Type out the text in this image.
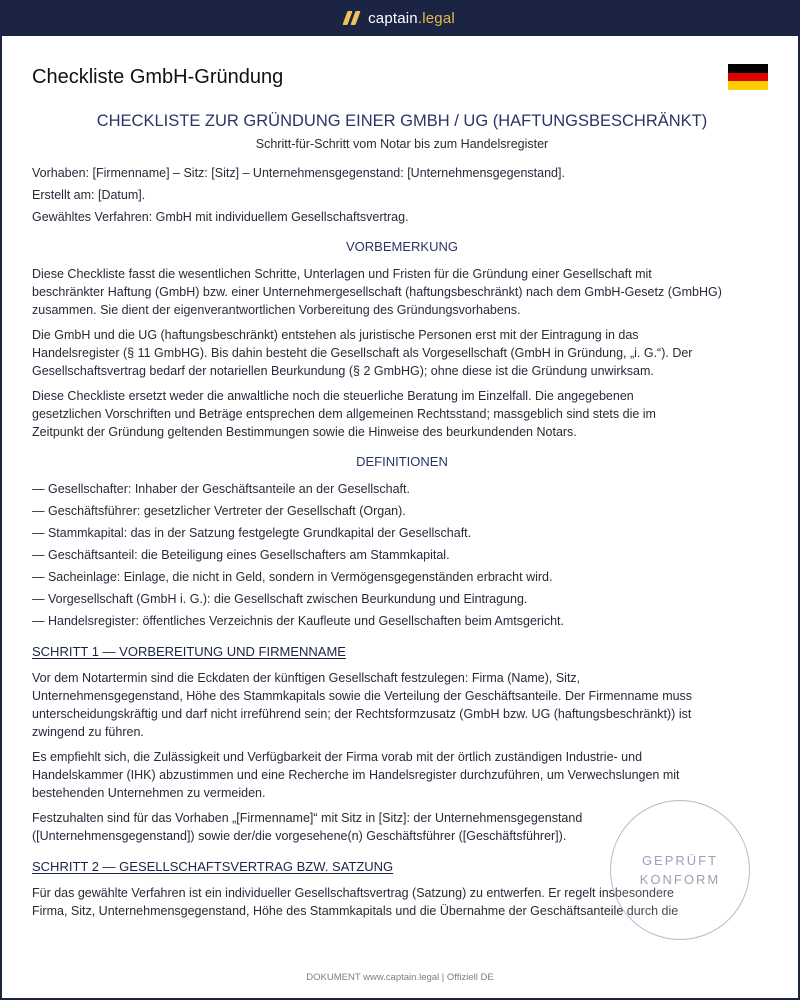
captain.legal
Checkliste GmbH-Gründung
CHECKLISTE ZUR GRÜNDUNG EINER GMBH / UG (HAFTUNGSBESCHRÄNKT)
Schritt-für-Schritt vom Notar bis zum Handelsregister

Vorhaben: [Firmenname] – Sitz: [Sitz] – Unternehmensgegenstand: [Unternehmensgegenstand].

Erstellt am: [Datum].

Gewähltes Verfahren: GmbH mit individuellem Gesellschaftsvertrag.

VORBEMERKUNG
Diese Checkliste fasst die wesentlichen Schritte, Unterlagen und Fristen für die Gründung einer Gesellschaft mit
beschränkter Haftung (GmbH) bzw. einer Unternehmergesellschaft (haftungsbeschränkt) nach dem GmbH-Gesetz (GmbHG)
zusammen. Sie dient der eigenverantwortlichen Vorbereitung des Gründungsvorhabens.
Die GmbH und die UG (haftungsbeschränkt) entstehen als juristische Personen erst mit der Eintragung in das
Handelsregister (§ 11 GmbHG). Bis dahin besteht die Gesellschaft als Vorgesellschaft (GmbH in Gründung, „i. G.“). Der
Gesellschaftsvertrag bedarf der notariellen Beurkundung (§ 2 GmbHG); ohne diese ist die Gründung unwirksam.
Diese Checkliste ersetzt weder die anwaltliche noch die steuerliche Beratung im Einzelfall. Die angegebenen
gesetzlichen Vorschriften und Beträge entsprechen dem allgemeinen Rechtsstand; massgeblich sind stets die im
Zeitpunkt der Gründung geltenden Bestimmungen sowie die Hinweise des beurkundenden Notars.
DEFINITIONEN
— Gesellschafter: Inhaber der Geschäftsanteile an der Gesellschaft.
— Geschäftsführer: gesetzlicher Vertreter der Gesellschaft (Organ).
— Stammkapital: das in der Satzung festgelegte Grundkapital der Gesellschaft.
— Geschäftsanteil: die Beteiligung eines Gesellschafters am Stammkapital.
— Sacheinlage: Einlage, die nicht in Geld, sondern in Vermögensgegenständen erbracht wird.
— Vorgesellschaft (GmbH i. G.): die Gesellschaft zwischen Beurkundung und Eintragung.
— Handelsregister: öffentliches Verzeichnis der Kaufleute und Gesellschaften beim Amtsgericht.
SCHRITT 1 — VORBEREITUNG UND FIRMENNAME
Vor dem Notartermin sind die Eckdaten der künftigen Gesellschaft festzulegen: Firma (Name), Sitz,
Unternehmensgegenstand, Höhe des Stammkapitals sowie die Verteilung der Geschäftsanteile. Der Firmenname muss
unterscheidungskräftig und darf nicht irreführend sein; der Rechtsformzusatz (GmbH bzw. UG (haftungsbeschränkt)) ist
zwingend zu führen.
Es empfiehlt sich, die Zulässigkeit und Verfügbarkeit der Firma vorab mit der örtlich zuständigen Industrie- und
Handelskammer (IHK) abzustimmen und eine Recherche im Handelsregister durchzuführen, um Verwechslungen mit
bestehenden Unternehmen zu vermeiden.
Festzuhalten sind für das Vorhaben „[Firmenname]“ mit Sitz in [Sitz]: der Unternehmensgegenstand
([Unternehmensgegenstand]) sowie der/die vorgesehene(n) Geschäftsführer ([Geschäftsführer]).
SCHRITT 2 — GESELLSCHAFTSVERTRAG BZW. SATZUNG
Für das gewählte Verfahren ist ein individueller Gesellschaftsvertrag (Satzung) zu entwerfen. Er regelt insbesondere
Firma, Sitz, Unternehmensgegenstand, Höhe des Stammkapitals und die Übernahme der Geschäftsanteile durch die
GEPRÜFT
KONFORM
DOKUMENT www.captain.legal | Offiziell DE
